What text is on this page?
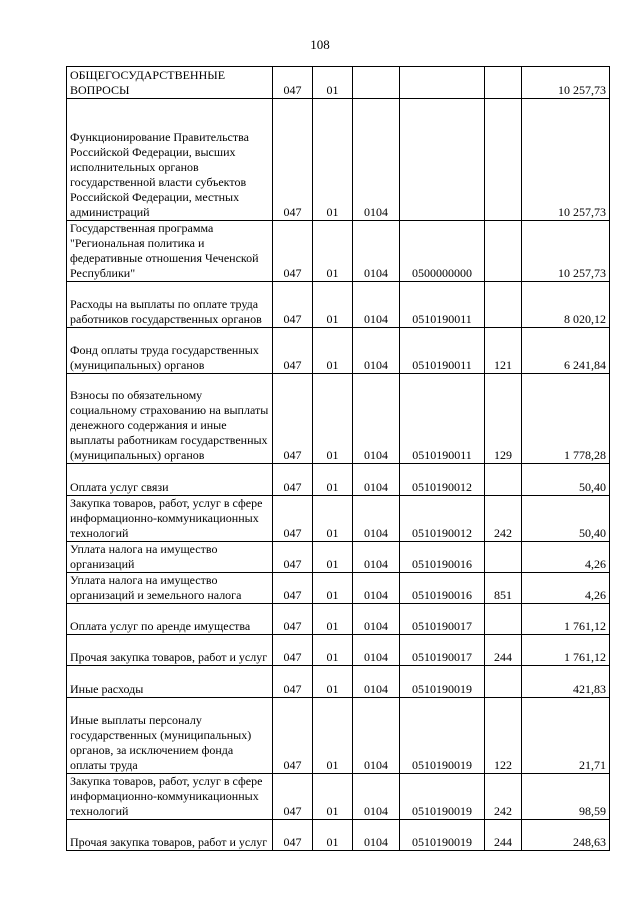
108
ОБЩЕГОСУДАРСТВЕННЫЕ ВОПРОСЫ	047	01				10 257,73
Функционирование Правительства Российской Федерации, высших исполнительных органов государственной власти субъектов Российской Федерации, местных администраций	047	01	0104			10 257,73
Государственная программа "Региональная политика и федеративные отношения Чеченской Республики"	047	01	0104	0500000000		10 257,73
Расходы на выплаты по оплате труда работников государственных органов	047	01	0104	0510190011		8 020,12
Фонд оплаты труда государственных (муниципальных) органов	047	01	0104	0510190011	121	6 241,84
Взносы по обязательному социальному страхованию на выплаты денежного содержания и иные выплаты работникам государственных (муниципальных) органов	047	01	0104	0510190011	129	1 778,28
Оплата услуг связи	047	01	0104	0510190012		50,40
Закупка товаров, работ, услуг в сфере информационно-коммуникационных технологий	047	01	0104	0510190012	242	50,40
Уплата налога на имущество организаций	047	01	0104	0510190016		4,26
Уплата налога на имущество организаций и земельного налога	047	01	0104	0510190016	851	4,26
Оплата услуг по аренде имущества	047	01	0104	0510190017		1 761,12
Прочая закупка товаров, работ и услуг	047	01	0104	0510190017	244	1 761,12
Иные расходы	047	01	0104	0510190019		421,83
Иные выплаты персоналу государственных (муниципальных) органов, за исключением фонда оплаты труда	047	01	0104	0510190019	122	21,71
Закупка товаров, работ, услуг в сфере информационно-коммуникационных технологий	047	01	0104	0510190019	242	98,59
Прочая закупка товаров, работ и услуг	047	01	0104	0510190019	244	248,63
